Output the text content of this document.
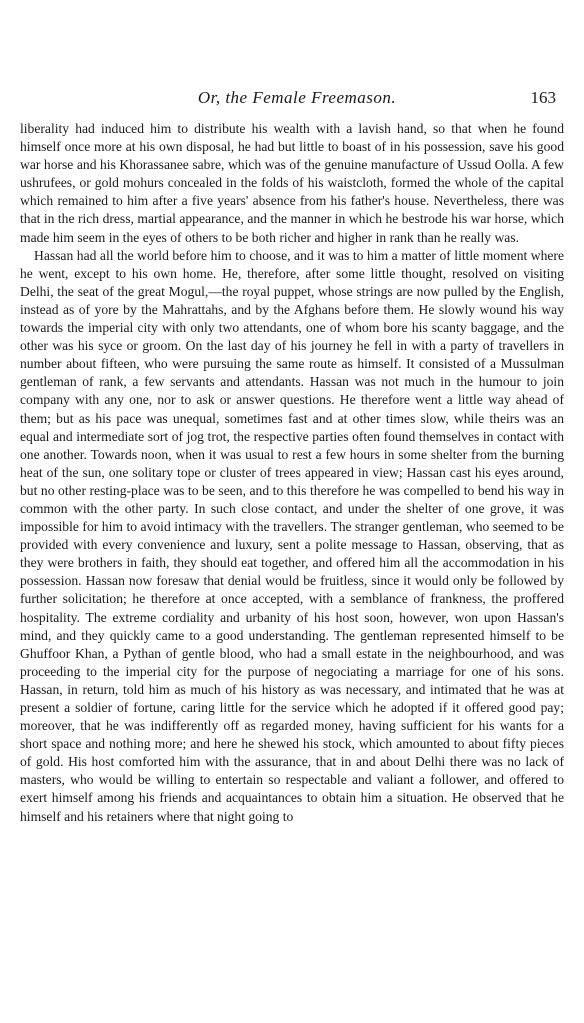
Or, the Female Freemason.	163

liberality had induced him to distribute his wealth with a lavish hand, so that when he found himself once more at his own disposal, he had but little to boast of in his possession, save his good war horse and his Khorassanee sabre, which was of the genuine manufacture of Ussud Oolla. A few ushrufees, or gold mohurs concealed in the folds of his waistcloth, formed the whole of the capital which remained to him after a five years' absence from his father's house. Nevertheless, there was that in the rich dress, martial appearance, and the manner in which he bestrode his war horse, which made him seem in the eyes of others to be both richer and higher in rank than he really was.

Hassan had all the world before him to choose, and it was to him a matter of little moment where he went, except to his own home. He, therefore, after some little thought, resolved on visiting Delhi, the seat of the great Mogul,—the royal puppet, whose strings are now pulled by the English, instead as of yore by the Mahrattahs, and by the Afghans before them. He slowly wound his way towards the imperial city with only two attendants, one of whom bore his scanty baggage, and the other was his syce or groom. On the last day of his journey he fell in with a party of travellers in number about fifteen, who were pursuing the same route as himself. It consisted of a Mussulman gentleman of rank, a few servants and attendants. Hassan was not much in the humour to join company with any one, nor to ask or answer questions. He therefore went a little way ahead of them; but as his pace was unequal, sometimes fast and at other times slow, while theirs was an equal and intermediate sort of jog trot, the respective parties often found themselves in contact with one another. Towards noon, when it was usual to rest a few hours in some shelter from the burning heat of the sun, one solitary tope or cluster of trees appeared in view; Hassan cast his eyes around, but no other resting-place was to be seen, and to this therefore he was compelled to bend his way in common with the other party. In such close contact, and under the shelter of one grove, it was impossible for him to avoid intimacy with the travellers. The stranger gentleman, who seemed to be provided with every convenience and luxury, sent a polite message to Hassan, observing, that as they were brothers in faith, they should eat together, and offered him all the accommodation in his possession. Hassan now foresaw that denial would be fruitless, since it would only be followed by further solicitation; he therefore at once accepted, with a semblance of frankness, the proffered hospitality. The extreme cordiality and urbanity of his host soon, however, won upon Hassan's mind, and they quickly came to a good understanding. The gentleman represented himself to be Ghuffoor Khan, a Pythan of gentle blood, who had a small estate in the neighbourhood, and was proceeding to the imperial city for the purpose of negociating a marriage for one of his sons. Hassan, in return, told him as much of his history as was necessary, and intimated that he was at present a soldier of fortune, caring little for the service which he adopted if it offered good pay; moreover, that he was indifferently off as regarded money, having sufficient for his wants for a short space and nothing more; and here he shewed his stock, which amounted to about fifty pieces of gold. His host comforted him with the assurance, that in and about Delhi there was no lack of masters, who would be willing to entertain so respectable and valiant a follower, and offered to exert himself among his friends and acquaintances to obtain him a situation. He observed that he himself and his retainers where that night going to
